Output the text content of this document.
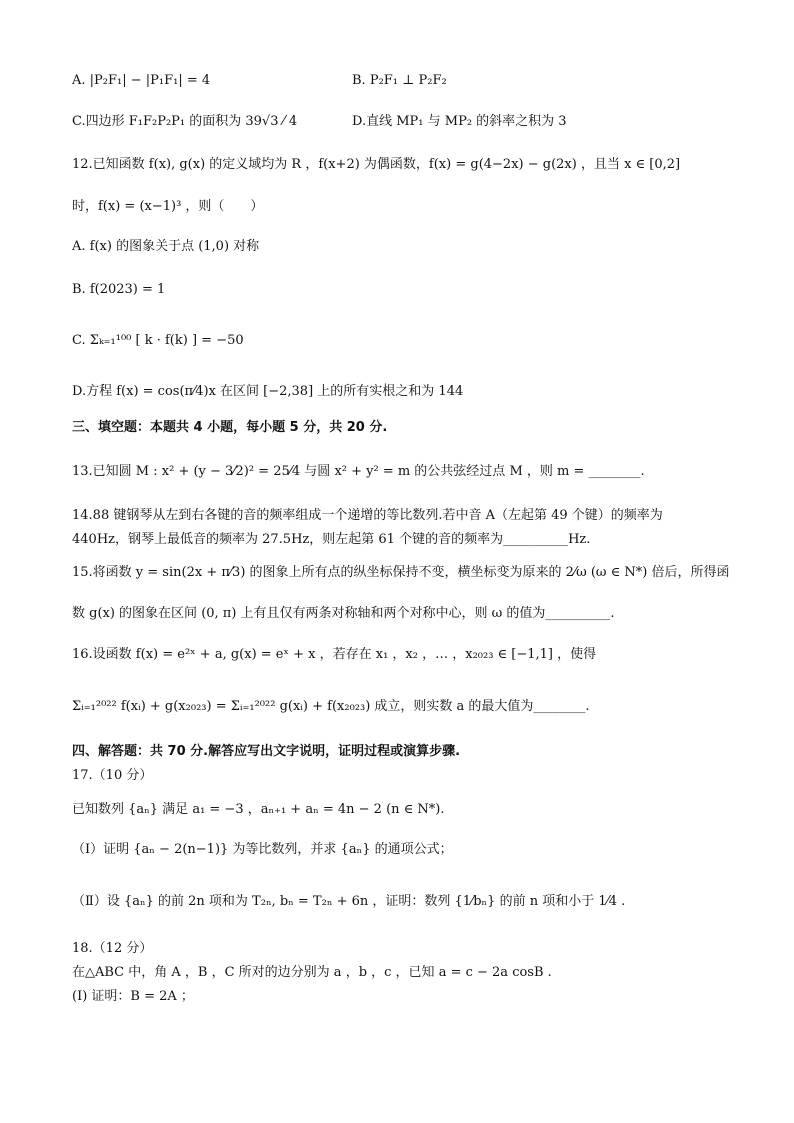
A. |P₂F₁| − |P₁F₁| = 4	B. P₂F₁ ⊥ P₂F₂
C.四边形 F₁F₂P₂P₁ 的面积为 39√3 ⁄ 4	D.直线 MP₁ 与 MP₂ 的斜率之积为 3
12.已知函数 f(x), g(x) 的定义域均为 R ，f(x+2) 为偶函数，f(x) = g(4−2x) − g(2x) ，且当 x ∈ [0,2]
时，f(x) = (x−1)³ ，则（　　）
A. f(x) 的图象关于点 (1,0) 对称
B. f(2023) = 1
C. Σₖ₌₁¹⁰⁰ [ k · f(k) ] = −50
D.方程 f(x) = cos(π⁄4)x 在区间 [−2,38] 上的所有实根之和为 144
三、填空题：本题共 4 小题，每小题 5 分，共 20 分.
13.已知圆 M : x² + (y − 3⁄2)² = 25⁄4 与圆 x² + y² = m 的公共弦经过点 M ，则 m = ________.
14.88 键钢琴从左到右各键的音的频率组成一个递增的等比数列.若中音 A（左起第 49 个键）的频率为
440Hz，钢琴上最低音的频率为 27.5Hz，则左起第 61 个键的音的频率为__________Hz.
15.将函数 y = sin(2x + π⁄3) 的图象上所有点的纵坐标保持不变，横坐标变为原来的 2⁄ω (ω ∈ N*) 倍后，所得函
数 g(x) 的图象在区间 (0, π) 上有且仅有两条对称轴和两个对称中心，则 ω 的值为__________.
16.设函数 f(x) = e²ˣ + a, g(x) = eˣ + x ，若存在 x₁ ，x₂ ，… ，x₂₀₂₃ ∈ [−1,1] ，使得
Σᵢ₌₁²⁰²² f(xᵢ) + g(x₂₀₂₃) = Σᵢ₌₁²⁰²² g(xᵢ) + f(x₂₀₂₃) 成立，则实数 a 的最大值为________.
四、解答题：共 70 分.解答应写出文字说明，证明过程或演算步骤.
17.（10 分）
已知数列 {aₙ} 满足 a₁ = −3 ，aₙ₊₁ + aₙ = 4n − 2 (n ∈ N*).
（Ⅰ）证明 {aₙ − 2(n−1)} 为等比数列，并求 {aₙ} 的通项公式；
（Ⅱ）设 {aₙ} 的前 2n 项和为 T₂ₙ, bₙ = T₂ₙ + 6n ，证明：数列 {1⁄bₙ} 的前 n 项和小于 1⁄4 .
18.（12 分）
在△ABC 中，角 A ，B ，C 所对的边分别为 a ，b ，c ，已知 a = c − 2a cosB .
(I) 证明：B = 2A ；
